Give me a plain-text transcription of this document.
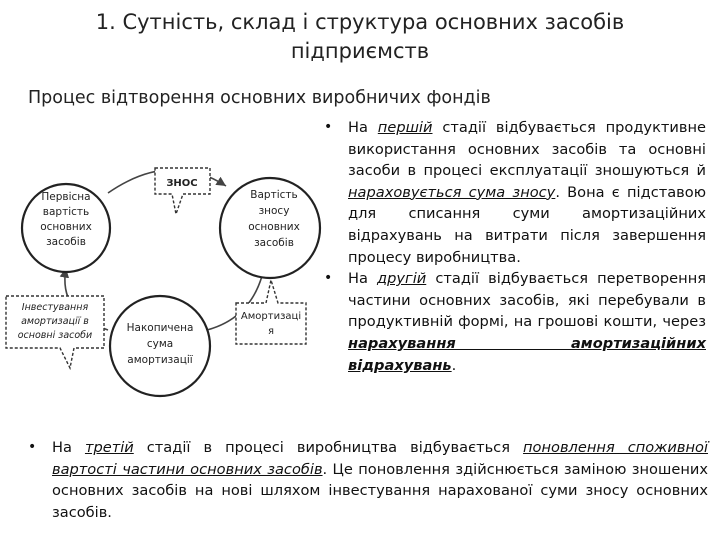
1. Сутність, склад і структура основних засобів підприємств
Процес відтворення основних виробничих фондів
Первісна
вартість
основних
засобів
Вартість
зносу
основних
засобів
Накопичена
сума
амортизації
ЗНОС
Інвестування
амортизації в
основні засоби
Амортизаці
я
• На першій стадії відбувається продуктивне використання основних засобів та основні засоби в процесі експлуатації зношуються й нараховується сума зносу. Вона є підставою для списання суми амортизаційних відрахувань на витрати після завершення процесу виробництва.
• На другій стадії відбувається перетворення частини основних засобів, які перебували в продуктивній формі, на грошові кошти, через нарахування амортизаційних відрахувань.
• На третій стадії в процесі виробництва відбувається поновлення споживної вартості частини основних засобів. Це поновлення здійснюється заміною зношених основних засобів на нові шляхом інвестування нарахованої суми зносу основних засобів.
